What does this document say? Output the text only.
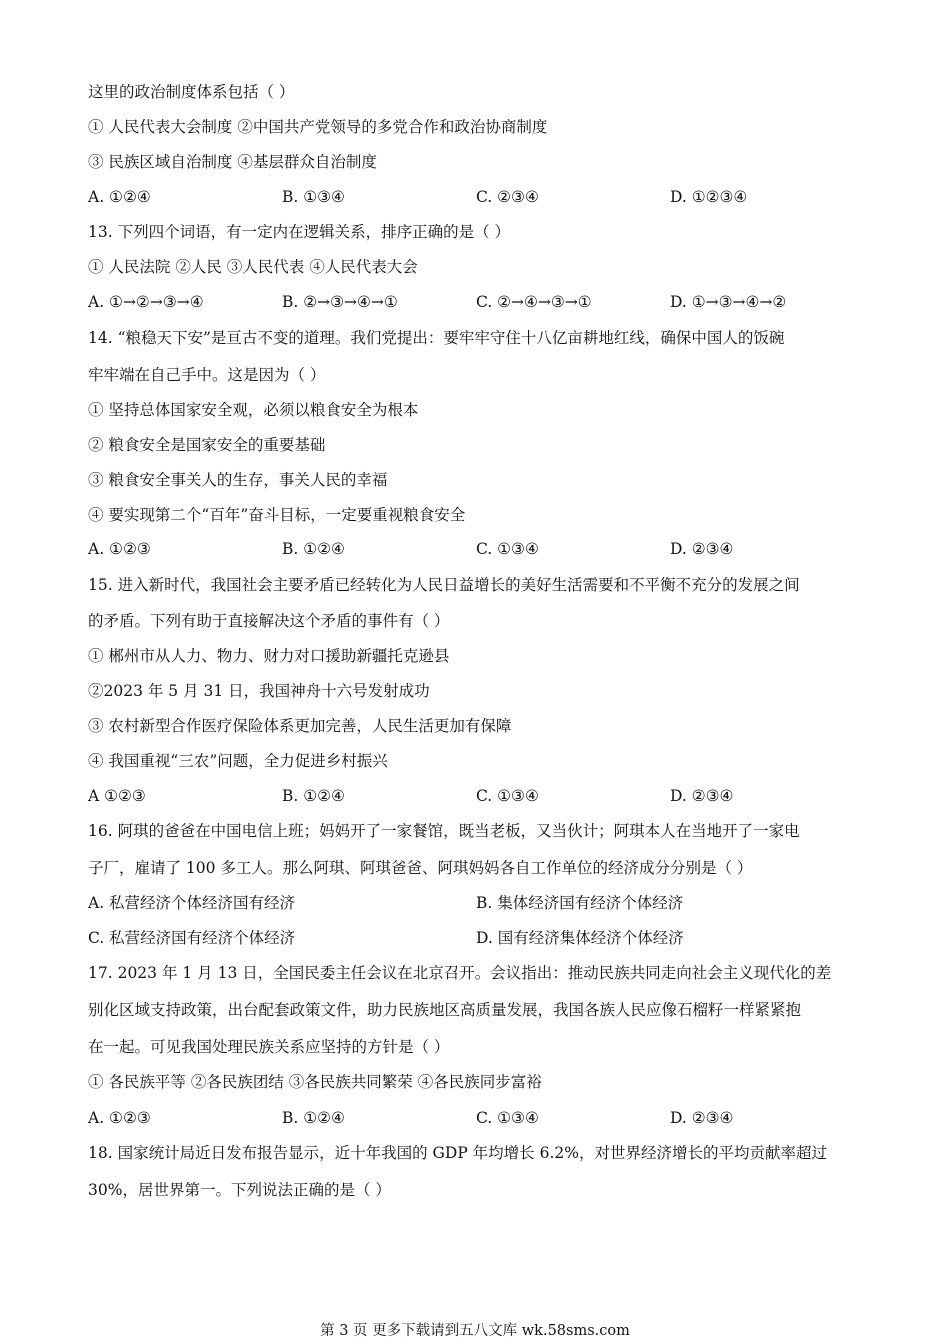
这里的政治制度体系包括（ ）
① 人民代表大会制度 ②中国共产党领导的多党合作和政治协商制度
③ 民族区域自治制度 ④基层群众自治制度
A. ①②④	B. ①③④	C. ②③④	D. ①②③④
13. 下列四个词语，有一定内在逻辑关系，排序正确的是（ ）
① 人民法院 ②人民 ③人民代表 ④人民代表大会
A. ①→②→③→④	B. ②→③→④→①	C. ②→④→③→①	D. ①→③→④→②
14. “粮稳天下安”是亘古不变的道理。我们党提出：要牢牢守住十八亿亩耕地红线，确保中国人的饭碗
牢牢端在自己手中。这是因为（ ）
① 坚持总体国家安全观，必须以粮食安全为根本
② 粮食安全是国家安全的重要基础
③ 粮食安全事关人的生存，事关人民的幸福
④ 要实现第二个“百年”奋斗目标，一定要重视粮食安全
A. ①②③	B. ①②④	C. ①③④	D. ②③④
15. 进入新时代，我国社会主要矛盾已经转化为人民日益增长的美好生活需要和不平衡不充分的发展之间
的矛盾。下列有助于直接解决这个矛盾的事件有（ ）
① 郴州市从人力、物力、财力对口援助新疆托克逊县
②2023 年 5 月 31 日，我国神舟十六号发射成功
③ 农村新型合作医疗保险体系更加完善，人民生活更加有保障
④ 我国重视“三农”问题，全力促进乡村振兴
A ①②③	B. ①②④	C. ①③④	D. ②③④
16. 阿琪的爸爸在中国电信上班；妈妈开了一家餐馆，既当老板，又当伙计；阿琪本人在当地开了一家电
子厂，雇请了 100 多工人。那么阿琪、阿琪爸爸、阿琪妈妈各自工作单位的经济成分分别是（ ）
A. 私营经济个体经济国有经济	B. 集体经济国有经济个体经济
C. 私营经济国有经济个体经济	D. 国有经济集体经济个体经济
17. 2023 年 1 月 13 日，全国民委主任会议在北京召开。会议指出：推动民族共同走向社会主义现代化的差
别化区域支持政策，出台配套政策文件，助力民族地区高质量发展，我国各族人民应像石榴籽一样紧紧抱
在一起。可见我国处理民族关系应坚持的方针是（ ）
① 各民族平等 ②各民族团结 ③各民族共同繁荣 ④各民族同步富裕
A. ①②③	B. ①②④	C. ①③④	D. ②③④
18. 国家统计局近日发布报告显示，近十年我国的 GDP 年均增长 6.2%，对世界经济增长的平均贡献率超过
30%，居世界第一。下列说法正确的是（ ）
第 3 页 更多下载请到五八文库 wk.58sms.com
